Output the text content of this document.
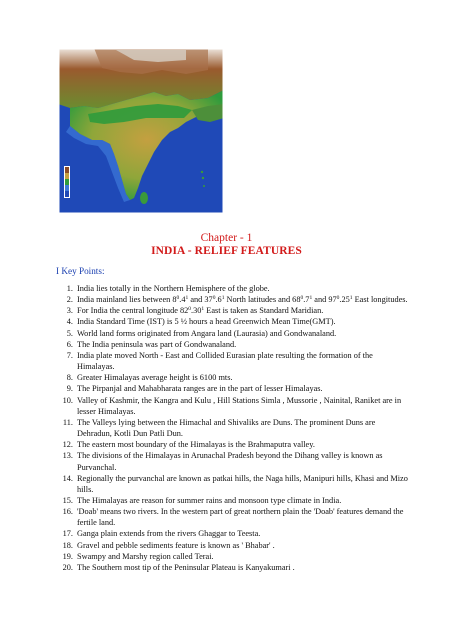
Chapter - 1
INDIA - RELIEF FEATURES
I Key Points:
1. India lies totally in the Northern Hemisphere of the globe.
2. India mainland lies between $8^0.4^1$ and $37^0.6^1$ North latitudes and $68^0.7^1$ and $97^0.25^1$ East longitudes.
3. For India the central longitude $82^0.30^1$ East is taken as Standard Maridian.
4. India Standard Time (IST) is 5 ½ hours a head Greenwich Mean Time(GMT).
5. World land forms originated from Angara land (Laurasia) and Gondwanaland.
6. The India peninsula was part of Gondwanaland.
7. India plate moved North - East and Collided Eurasian plate resulting the formation of the Himalayas.
8. Greater Himalayas average height is 6100 mts.
9. The Pirpanjal and Mahabharata ranges are in the part of lesser Himalayas.
10. Valley of Kashmir, the Kangra and Kulu , Hill Stations Simla , Mussorie , Nainital, Raniket are in lesser Himalayas.
11. The Valleys lying between the Himachal and Shivaliks are Duns. The prominent Duns are Dehradun, Kotli Dun Patli Dun.
12. The eastern most boundary of the Himalayas is the Brahmaputra valley.
13. The divisions of the Himalayas in Arunachal Pradesh beyond the Dihang valley is known as Purvanchal.
14. Regionally the purvanchal are known as patkai hills, the Naga hills, Manipuri hills, Khasi and Mizo hills.
15. The Himalayas are reason for summer rains and monsoon type climate in India.
16. 'Doab' means two rivers. In the western part of great northern plain the 'Doab' features demand the fertile land.
17. Ganga plain extends from the rivers Ghaggar to Teesta.
18. Gravel and pebble sediments feature is known as ' Bhabar' .
19. Swampy and Marshy region called Terai.
20. The Southern most tip of the Peninsular Plateau is Kanyakumari .
